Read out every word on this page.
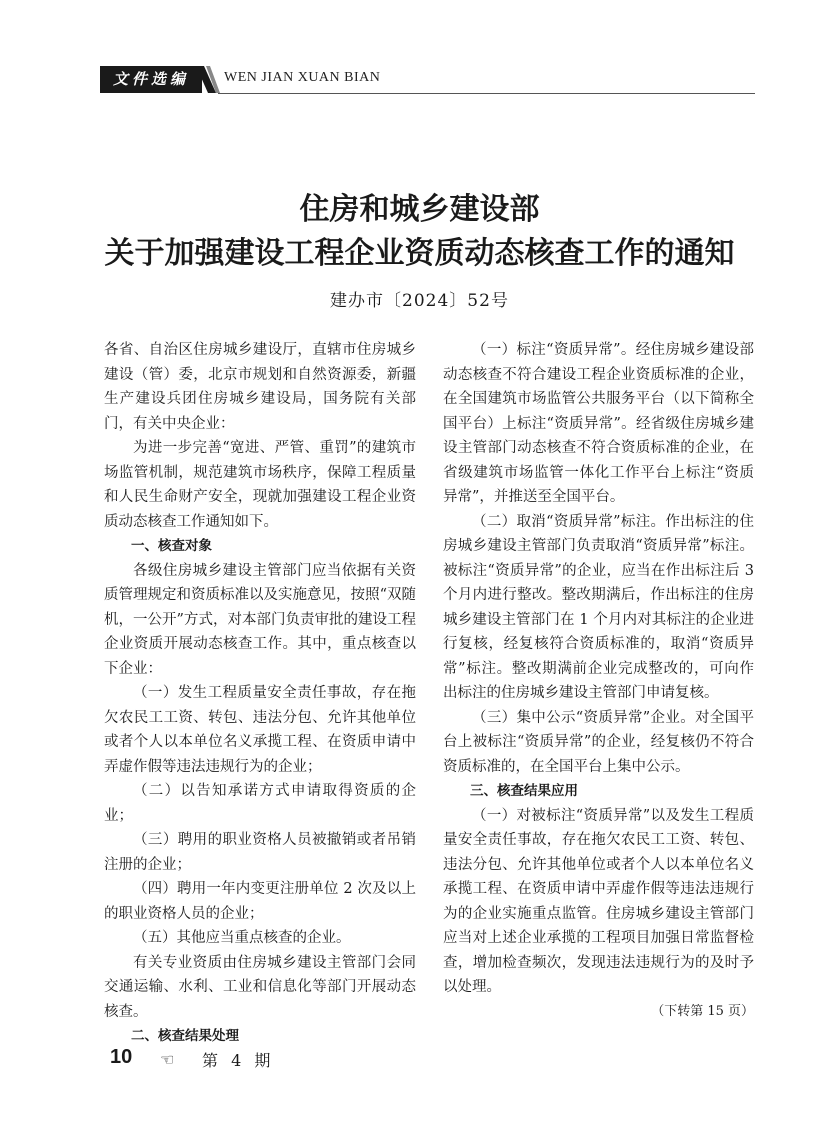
文件选编	WEN JIAN XUAN BIAN
住房和城乡建设部
关于加强建设工程企业资质动态核查工作的通知
建办市〔2024〕52号

各省、自治区住房城乡建设厅，直辖市住房城乡建设（管）委，北京市规划和自然资源委，新疆生产建设兵团住房城乡建设局，国务院有关部门，有关中央企业：

为进一步完善“宽进、严管、重罚”的建筑市场监管机制，规范建筑市场秩序，保障工程质量和人民生命财产安全，现就加强建设工程企业资质动态核查工作通知如下。

一、核查对象

各级住房城乡建设主管部门应当依据有关资质管理规定和资质标准以及实施意见，按照“双随机，一公开”方式，对本部门负责审批的建设工程企业资质开展动态核查工作。其中，重点核查以下企业：

（一）发生工程质量安全责任事故，存在拖欠农民工工资、转包、违法分包、允许其他单位或者个人以本单位名义承揽工程、在资质申请中弄虚作假等违法违规行为的企业；

（二）以告知承诺方式申请取得资质的企业；

（三）聘用的职业资格人员被撤销或者吊销注册的企业；

（四）聘用一年内变更注册单位 2 次及以上的职业资格人员的企业；

（五）其他应当重点核查的企业。

有关专业资质由住房城乡建设主管部门会同交通运输、水利、工业和信息化等部门开展动态核查。

二、核查结果处理

（一）标注“资质异常”。经住房城乡建设部动态核查不符合建设工程企业资质标准的企业，在全国建筑市场监管公共服务平台（以下简称全国平台）上标注“资质异常”。经省级住房城乡建设主管部门动态核查不符合资质标准的企业，在省级建筑市场监管一体化工作平台上标注“资质异常”，并推送至全国平台。

（二）取消“资质异常”标注。作出标注的住房城乡建设主管部门负责取消“资质异常”标注。被标注“资质异常”的企业，应当在作出标注后 3 个月内进行整改。整改期满后，作出标注的住房城乡建设主管部门在 1 个月内对其标注的企业进行复核，经复核符合资质标准的，取消“资质异常”标注。整改期满前企业完成整改的，可向作出标注的住房城乡建设主管部门申请复核。

（三）集中公示“资质异常”企业。对全国平台上被标注“资质异常”的企业，经复核仍不符合资质标准的，在全国平台上集中公示。

三、核查结果应用

（一）对被标注“资质异常”以及发生工程质量安全责任事故，存在拖欠农民工工资、转包、违法分包、允许其他单位或者个人以本单位名义承揽工程、在资质申请中弄虚作假等违法违规行为的企业实施重点监管。住房城乡建设主管部门应当对上述企业承揽的工程项目加强日常监督检查，增加检查频次，发现违法违规行为的及时予以处理。

（下转第 15 页）

10 ☜ 第 4 期
